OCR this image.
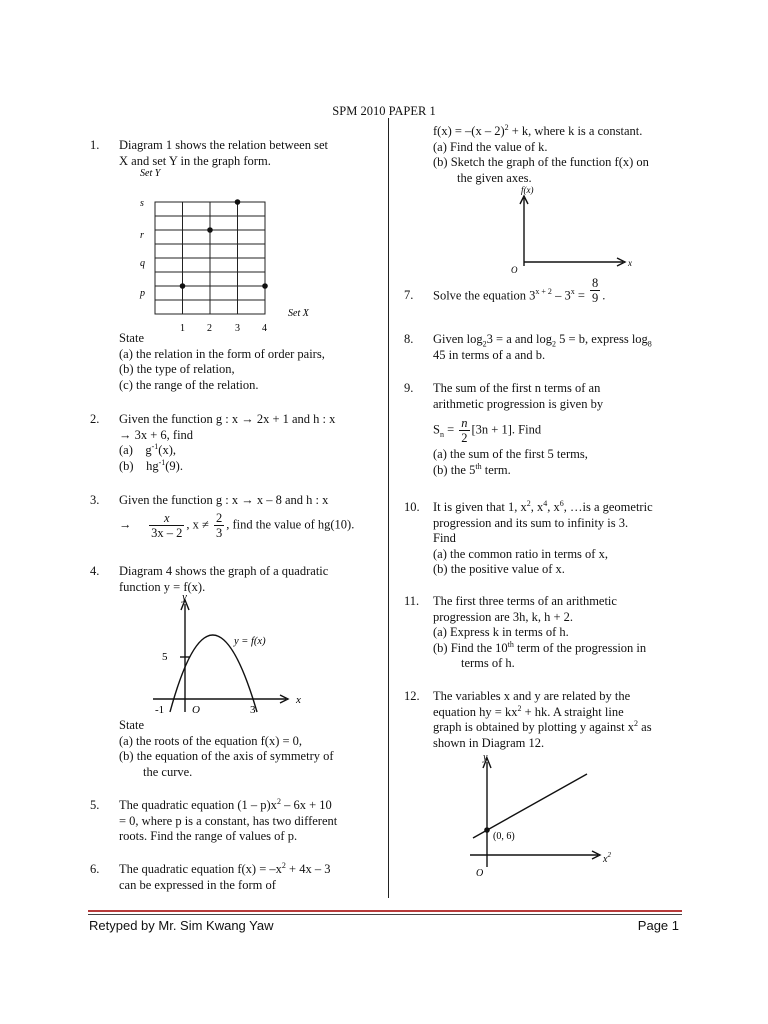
SPM 2010 PAPER 1
1. Diagram 1 shows the relation between set
X and set Y in the graph form.
Set Y
s
r
q
p
Set X
1 2 3 4
State
(a) the relation in the form of order pairs,
(b) the type of relation,
(c) the range of the relation.
2. Given the function g : x → 2x + 1 and h : x
→ 3x + 6, find
(a) $g^{-1}(x)$,
(b) $hg^{-1}(9)$.
3. Given the function g : x → x – 8 and h : x
→ $\frac{x}{3x - 2}$ , $x \ne \frac{2}{3}$ , find the value of hg(10).
4. Diagram 4 shows the graph of a quadratic
function y = f(x).
y
x
y = f(x)
5
-1	O	3
State
(a) the roots of the equation f(x) = 0,
(b) the equation of the axis of symmetry of
the curve.
5. The quadratic equation $(1 - p)x^2 - 6x + 10$
= 0, where p is a constant, has two different
roots. Find the range of values of p.
6. The quadratic equation $f(x) = -x^2 + 4x - 3$
can be expressed in the form of
f(x) = –(x – 2)$^2$ + k, where k is a constant.
(a) Find the value of k.
(b) Sketch the graph of the function f(x) on
the given axes.
f(x)
x
O
7. Solve the equation $3^{x + 2} - 3^x = \frac{8}{9}$ .
8. Given $\log_23 = a$ and $\log_2 5 = b$, express $\log_8$
45 in terms of a and b.
9. The sum of the first n terms of an
arithmetic progression is given by
$S_n = \frac{n}{2} [3n + 1]$. Find
(a) the sum of the first 5 terms,
(b) the 5th term.
10. It is given that 1, $x^2$, $x^4$, $x^6$, …is a geometric
progression and its sum to infinity is 3.
Find
(a) the common ratio in terms of x,
(b) the positive value of x.
11. The first three terms of an arithmetic
progression are 3h, k, h + 2.
(a) Express k in terms of h.
(b) Find the 10th term of the progression in
terms of h.
12. The variables x and y are related by the
equation hy = $kx^2$ + hk. A straight line
graph is obtained by plotting y against $x^2$ as
shown in Diagram 12.
y
(0, 6)
$x^2$
O
Retyped by Mr. Sim Kwang Yaw	Page 1
